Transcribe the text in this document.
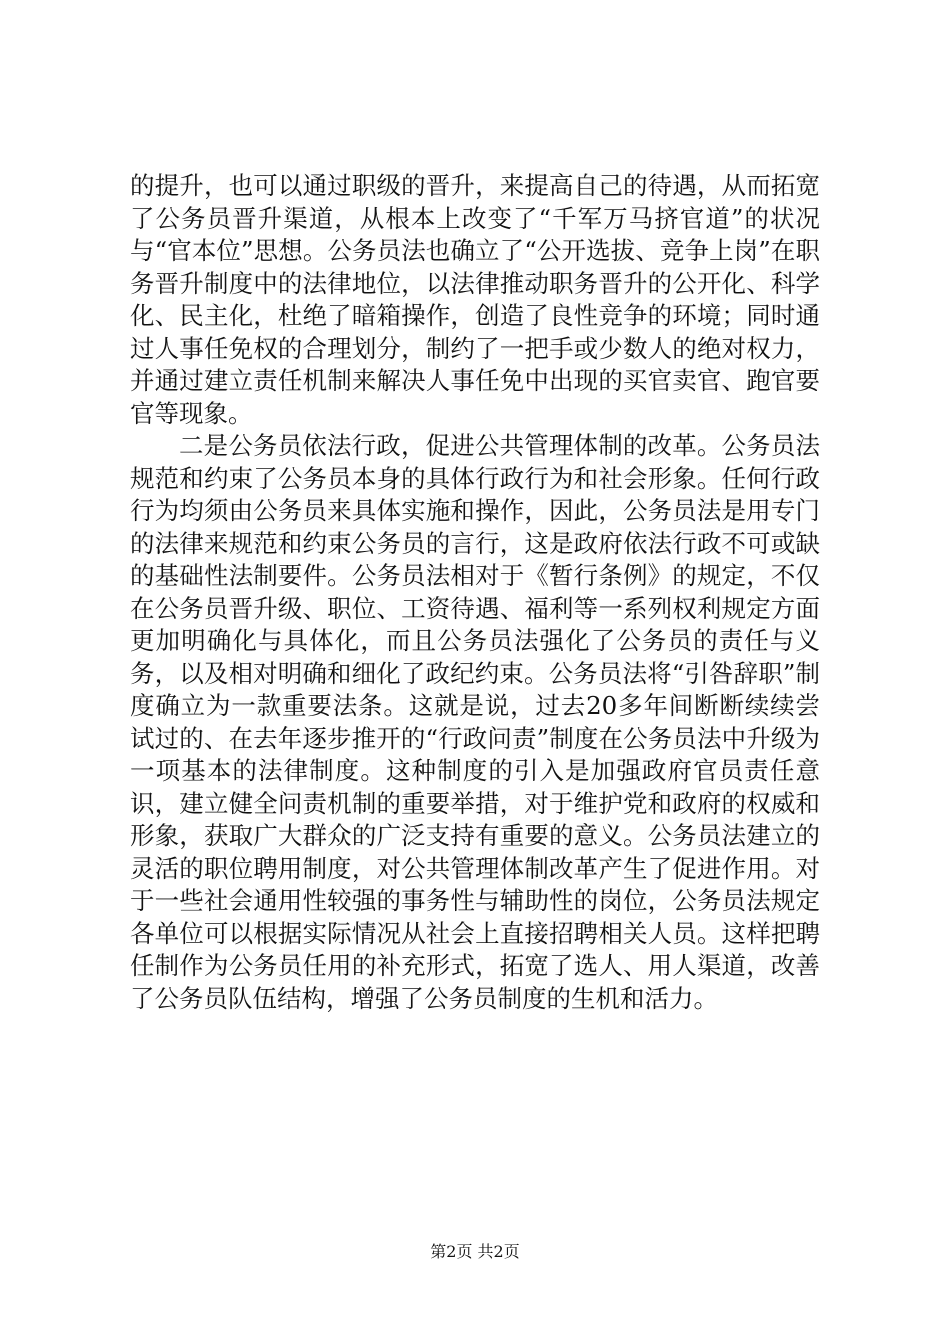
的提升，也可以通过职级的晋升，来提高自己的待遇，从而拓宽了公务员晋升渠道，从根本上改变了“千军万马挤官道”的状况与“官本位”思想。公务员法也确立了“公开选拔、竞争上岗”在职务晋升制度中的法律地位，以法律推动职务晋升的公开化、科学化、民主化，杜绝了暗箱操作，创造了良性竞争的环境；同时通过人事任免权的合理划分，制约了一把手或少数人的绝对权力，并通过建立责任机制来解决人事任免中出现的买官卖官、跑官要官等现象。

二是公务员依法行政，促进公共管理体制的改革。公务员法规范和约束了公务员本身的具体行政行为和社会形象。任何行政行为均须由公务员来具体实施和操作，因此，公务员法是用专门的法律来规范和约束公务员的言行，这是政府依法行政不可或缺的基础性法制要件。公务员法相对于《暂行条例》的规定，不仅在公务员晋升级、职位、工资待遇、福利等一系列权利规定方面更加明确化与具体化，而且公务员法强化了公务员的责任与义务，以及相对明确和细化了政纪约束。公务员法将“引咎辞职”制度确立为一款重要法条。这就是说，过去20多年间断断续续尝试过的、在去年逐步推开的“行政问责”制度在公务员法中升级为一项基本的法律制度。这种制度的引入是加强政府官员责任意识，建立健全问责机制的重要举措，对于维护党和政府的权威和形象，获取广大群众的广泛支持有重要的意义。公务员法建立的灵活的职位聘用制度，对公共管理体制改革产生了促进作用。对于一些社会通用性较强的事务性与辅助性的岗位，公务员法规定各单位可以根据实际情况从社会上直接招聘相关人员。这样把聘任制作为公务员任用的补充形式，拓宽了选人、用人渠道，改善了公务员队伍结构，增强了公务员制度的生机和活力。

第2页 共2页
